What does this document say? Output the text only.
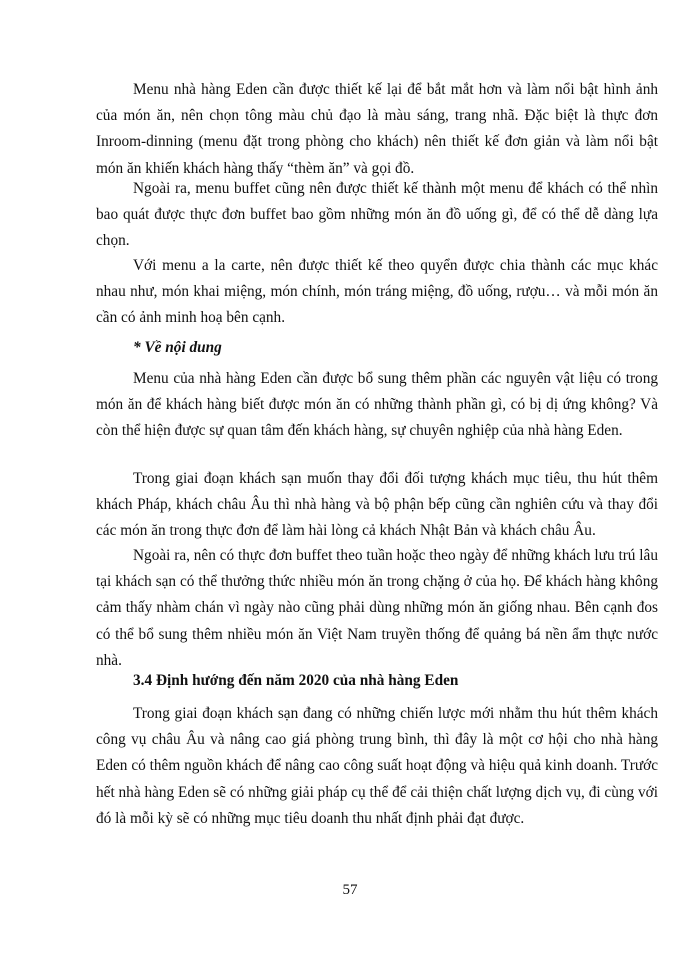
Menu nhà hàng Eden cần được thiết kế lại để bắt mắt hơn và làm nổi bật hình ảnh của món ăn, nên chọn tông màu chủ đạo là màu sáng, trang nhã. Đặc biệt là thực đơn Inroom-dinning (menu đặt trong phòng cho khách) nên thiết kế đơn giản và làm nổi bật món ăn khiến khách hàng thấy “thèm ăn” và gọi đồ.

Ngoài ra, menu buffet cũng nên được thiết kế thành một menu để khách có thể nhìn bao quát được thực đơn buffet bao gồm những món ăn đồ uống gì, để có thể dễ dàng lựa chọn.

Với menu a la carte, nên được thiết kế theo quyển được chia thành các mục khác nhau như, món khai miệng, món chính, món tráng miệng, đồ uống, rượu… và mỗi món ăn cần có ảnh minh hoạ bên cạnh.

* Về nội dung

Menu của nhà hàng Eden cần được bổ sung thêm phần các nguyên vật liệu có trong món ăn để khách hàng biết được món ăn có những thành phần gì, có bị dị ứng không? Và còn thể hiện được sự quan tâm đến khách hàng, sự chuyên nghiệp của nhà hàng Eden.

Trong giai đoạn khách sạn muốn thay đổi đối tượng khách mục tiêu, thu hút thêm khách Pháp, khách châu Âu thì nhà hàng và bộ phận bếp cũng cần nghiên cứu và thay đổi các món ăn trong thực đơn để làm hài lòng cả khách Nhật Bản và khách châu Âu.

Ngoài ra, nên có thực đơn buffet theo tuần hoặc theo ngày để những khách lưu trú lâu tại khách sạn có thể thưởng thức nhiều món ăn trong chặng ở của họ. Để khách hàng không cảm thấy nhàm chán vì ngày nào cũng phải dùng những món ăn giống nhau. Bên cạnh đos có thể bổ sung thêm nhiều món ăn Việt Nam truyền thống để quảng bá nền ẩm thực nước nhà.

3.4 Định hướng đến năm 2020 của nhà hàng Eden

Trong giai đoạn khách sạn đang có những chiến lược mới nhằm thu hút thêm khách công vụ châu Âu và nâng cao giá phòng trung bình, thì đây là một cơ hội cho nhà hàng Eden có thêm nguồn khách để nâng cao công suất hoạt động và hiệu quả kinh doanh. Trước hết nhà hàng Eden sẽ có những giải pháp cụ thể để cải thiện chất lượng dịch vụ, đi cùng với đó là mỗi kỳ sẽ có những mục tiêu doanh thu nhất định phải đạt được.

57
